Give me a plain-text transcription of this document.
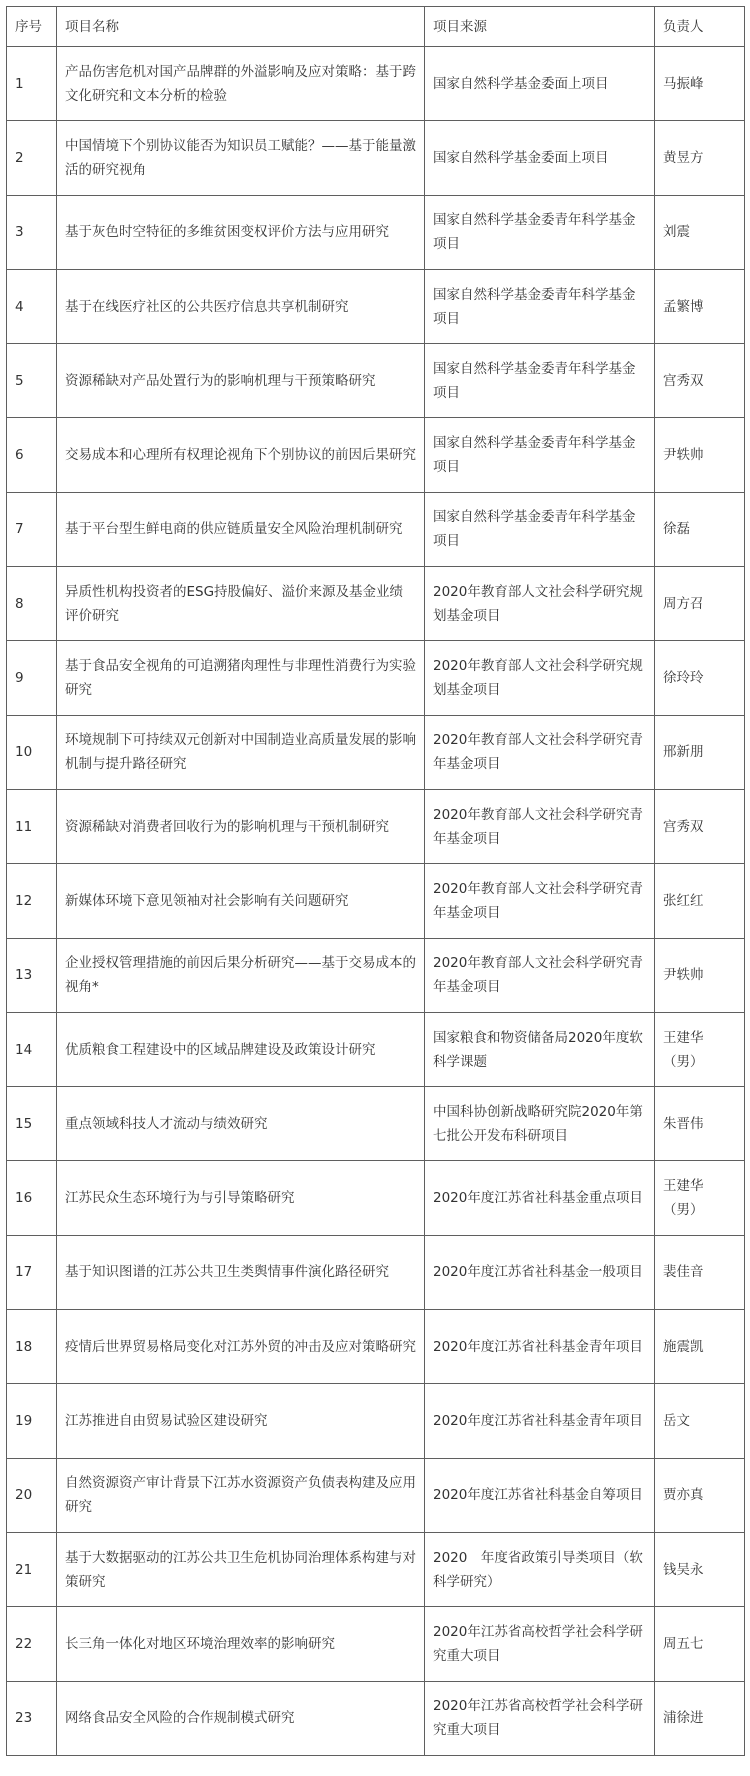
序号	项目名称	项目来源	负责人
1	产品伤害危机对国产品牌群的外溢影响及应对策略：基于跨文化研究和文本分析的检验	国家自然科学基金委面上项目	马振峰
2	中国情境下个别协议能否为知识员工赋能？——基于能量激活的研究视角	国家自然科学基金委面上项目	黄昱方
3	基于灰色时空特征的多维贫困变权评价方法与应用研究	国家自然科学基金委青年科学基金项目	刘震
4	基于在线医疗社区的公共医疗信息共享机制研究	国家自然科学基金委青年科学基金项目	孟繁博
5	资源稀缺对产品处置行为的影响机理与干预策略研究	国家自然科学基金委青年科学基金项目	宫秀双
6	交易成本和心理所有权理论视角下个别协议的前因后果研究	国家自然科学基金委青年科学基金项目	尹轶帅
7	基于平台型生鲜电商的供应链质量安全风险治理机制研究	国家自然科学基金委青年科学基金项目	徐磊
8	异质性机构投资者的ESG持股偏好、溢价来源及基金业绩评价研究	2020年教育部人文社会科学研究规划基金项目	周方召
9	基于食品安全视角的可追溯猪肉理性与非理性消费行为实验研究	2020年教育部人文社会科学研究规划基金项目	徐玲玲
10	环境规制下可持续双元创新对中国制造业高质量发展的影响机制与提升路径研究	2020年教育部人文社会科学研究青年基金项目	邢新朋
11	资源稀缺对消费者回收行为的影响机理与干预机制研究	2020年教育部人文社会科学研究青年基金项目	宫秀双
12	新媒体环境下意见领袖对社会影响有关问题研究	2020年教育部人文社会科学研究青年基金项目	张红红
13	企业授权管理措施的前因后果分析研究——基于交易成本的视角*	2020年教育部人文社会科学研究青年基金项目	尹轶帅
14	优质粮食工程建设中的区域品牌建设及政策设计研究	国家粮食和物资储备局2020年度软科学课题	王建华（男）
15	重点领域科技人才流动与绩效研究	中国科协创新战略研究院2020年第七批公开发布科研项目	朱晋伟
16	江苏民众生态环境行为与引导策略研究	2020年度江苏省社科基金重点项目	王建华（男）
17	基于知识图谱的江苏公共卫生类舆情事件演化路径研究	2020年度江苏省社科基金一般项目	裴佳音
18	疫情后世界贸易格局变化对江苏外贸的冲击及应对策略研究	2020年度江苏省社科基金青年项目	施震凯
19	江苏推进自由贸易试验区建设研究	2020年度江苏省社科基金青年项目	岳文
20	自然资源资产审计背景下江苏水资源资产负债表构建及应用研究	2020年度江苏省社科基金自筹项目	贾亦真
21	基于大数据驱动的江苏公共卫生危机协同治理体系构建与对策研究	2020　年度省政策引导类项目（软科学研究）	钱吴永
22	长三角一体化对地区环境治理效率的影响研究	2020年江苏省高校哲学社会科学研究重大项目	周五七
23	网络食品安全风险的合作规制模式研究	2020年江苏省高校哲学社会科学研究重大项目	浦徐进
